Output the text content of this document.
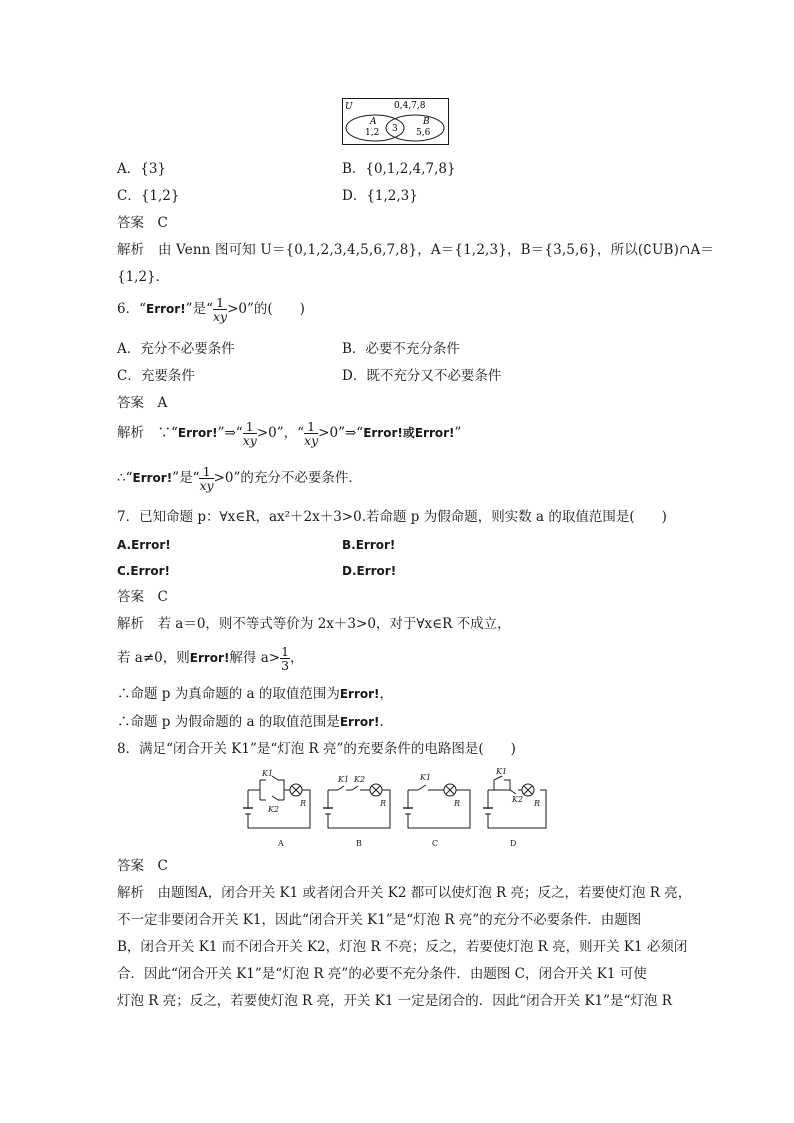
U	0,4,7,8
A
1,2 3
B
5,6
A．{3}	B．{0,1,2,4,7,8}
C．{1,2}	D．{1,2,3}
答案　C
解析　由 Venn 图可知 U＝{0,1,2,3,4,5,6,7,8}，A＝{1,2,3}，B＝{3,5,6}，所以(∁UB)∩A＝
{1,2}．
6．“Error!”是“ $\frac{1}{xy} >0$”的(　　)
A．充分不必要条件	B．必要不充分条件
C．充要条件	D．既不充分又不必要条件
答案　A
解析　∵“Error!”⇒“ $\frac{1}{xy} >0$”，“ $\frac{1}{xy}$ >0”⇒“Error!或Error!”
∴“Error!”是“ $\frac{1}{xy} >0$”的充分不必要条件．
7．已知命题 p：∀x∈R，ax²＋2x＋3>0.若命题 p 为假命题，则实数 a 的取值范围是(　　)
A.Error!	B.Error!
C.Error!	D.Error!
答案　C
解析　若 a＝0，则不等式等价为 2x＋3>0，对于∀x∈R 不成立，
若 a≠0，则Error!解得 $a> \frac{1}{3}$ ，
∴命题 p 为真命题的 a 的取值范围为Error!，
∴命题 p 为假命题的 a 的取值范围是Error!.
8．满足“闭合开关 K1”是“灯泡 R 亮”的充要条件的电路图是(　　)
K1
K2
R
K1 K2
R
K1
R
K1
K2 R
A	B	C	D
答案　C
解析　由题图A，闭合开关 K1 或者闭合开关 K2 都可以使灯泡 R 亮；反之，若要使灯泡 R 亮，
不一定非要闭合开关 K1，因此“闭合开关 K1”是“灯泡 R 亮”的充分不必要条件．由题图
B，闭合开关 K1 而不闭合开关 K2，灯泡 R 不亮；反之，若要使灯泡 R 亮，则开关 K1 必须闭
合．因此“闭合开关 K1”是“灯泡 R 亮”的必要不充分条件．由题图 C，闭合开关 K1 可使
灯泡 R 亮；反之，若要使灯泡 R 亮，开关 K1 一定是闭合的．因此“闭合开关 K1”是“灯泡 R
